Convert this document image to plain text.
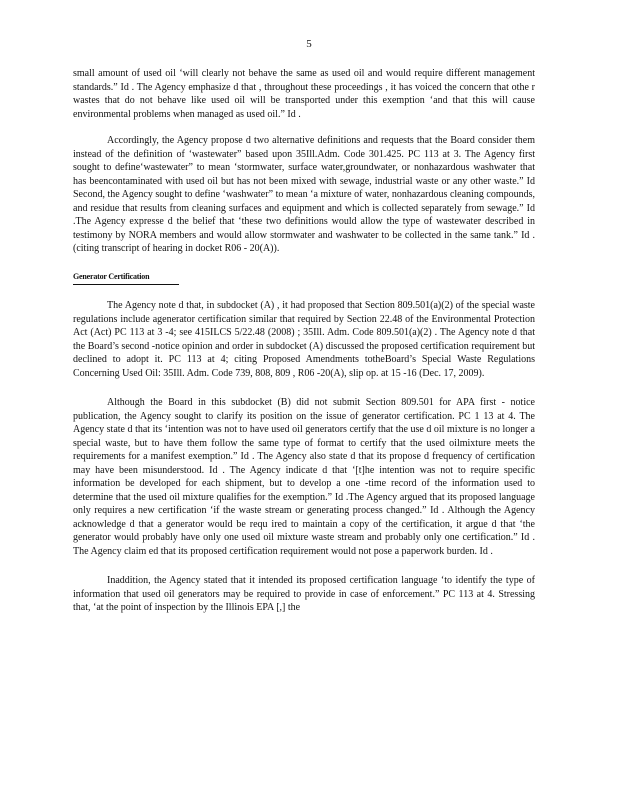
5

small amount of used oil ‘will clearly not behave the same as used oil and would require different management standards.” Id . The Agency emphasize d that , throughout these proceedings , it has voiced the concern that othe r wastes that do not behave like used oil will be transported under this exemption ‘and that this will cause environmental problems when managed as used oil.” Id .

Accordingly, the Agency propose d two alternative definitions and requests that the Board consider them instead of the definition of ‘wastewater” based upon 35Ill.Adm. Code 301.425. PC 113 at 3. The Agency first sought to define‘wastewater” to mean ‘stormwater, surface water,groundwater, or nonhazardous washwater that has beencontaminated with used oil but has not been mixed with sewage, industrial waste or any other waste.” Id Second, the Agency sought to define ‘washwater” to mean ‘a mixture of water, nonhazardous cleaning compounds, and residue that results from cleaning surfaces and equipment and which is collected separately from sewage.” Id .The Agency expresse d the belief that ‘these two definitions would allow the type of wastewater described in testimony by NORA members and would allow stormwater and washwater to be collected in the same tank.” Id . (citing transcript of hearing in docket R06 - 20(A)).

Generator Certification

The Agency note d that, in subdocket (A) , it had proposed that Section 809.501(a)(2) of the special waste regulations include agenerator certification similar that required by Section 22.48 of the Environmental Protection Act (Act) PC 113 at 3 -4; see 415ILCS 5/22.48 (2008) ; 35Ill. Adm. Code 809.501(a)(2) . The Agency note d that the Board’s second -notice opinion and order in subdocket (A) discussed the proposed certification requirement but declined to adopt it. PC 113 at 4; citing Proposed Amendments totheBoard’s Special Waste Regulations Concerning Used Oil: 35Ill. Adm. Code 739, 808, 809 , R06 -20(A), slip op. at 15 -16 (Dec. 17, 2009).

Although the Board in this subdocket (B) did not submit Section 809.501 for APA first - notice publication, the Agency sought to clarify its position on the issue of generator certification. PC 1 13 at 4. The Agency state d that its ‘intention was not to have used oil generators certify that the use d oil mixture is no longer a special waste, but to have them follow the same type of format to certify that the used oilmixture meets the requirements for a manifest exemption.” Id . The Agency also state d that its propose d frequency of certification may have been misunderstood. Id . The Agency indicate d that ‘[t]he intention was not to require specific information be developed for each shipment, but to develop a one -time record of the information used to determine that the used oil mixture qualifies for the exemption.” Id .The Agency argued that its proposed language only requires a new certification ‘if the waste stream or generating process changed.” Id . Although the Agency acknowledge d that a generator would be requ ired to maintain a copy of the certification, it argue d that ‘the generator would probably have only one used oil mixture waste stream and probably only one certification.” Id . The Agency claim ed that its proposed certification requirement would not pose a paperwork burden. Id .

Inaddition, the Agency stated that it intended its proposed certification language ‘to identify the type of information that used oil generators may be required to provide in case of enforcement.” PC 113 at 4. Stressing that, ‘at the point of inspection by the Illinois EPA [,] the
